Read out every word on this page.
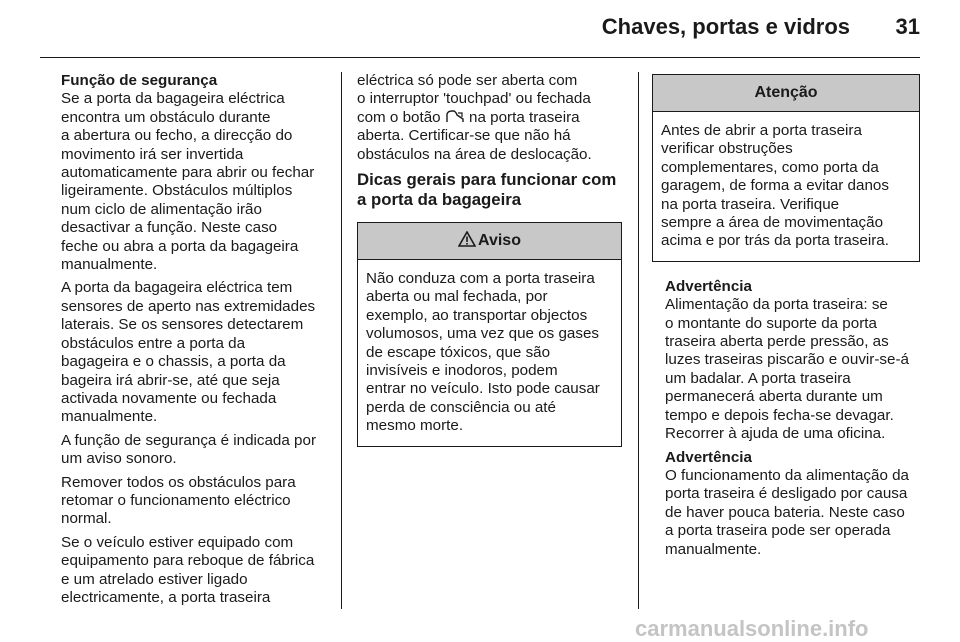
Chaves, portas e vidros	31
Função de segurança

Se a porta da bagageira eléctrica
encontra um obstáculo durante
a abertura ou fecho, a direcção do
movimento irá ser invertida
automaticamente para abrir ou fechar
ligeiramente. Obstáculos múltiplos
num ciclo de alimentação irão
desactivar a função. Neste caso
feche ou abra a porta da bagageira
manualmente.

A porta da bagageira eléctrica tem
sensores de aperto nas extremidades
laterais. Se os sensores detectarem
obstáculos entre a porta da
bagageira e o chassis, a porta da
bageira irá abrir-se, até que seja
activada novamente ou fechada
manualmente.

A função de segurança é indicada por
um aviso sonoro.

Remover todos os obstáculos para
retomar o funcionamento eléctrico
normal.

Se o veículo estiver equipado com
equipamento para reboque de fábrica
e um atrelado estiver ligado
electricamente, a porta traseira

eléctrica só pode ser aberta com
o interruptor 'touchpad' ou fechada
com o botão  na porta traseira
aberta. Certificar-se que não há
obstáculos na área de deslocação.

Dicas gerais para funcionar com
a porta da bagageira
Aviso
Não conduza com a porta traseira
aberta ou mal fechada, por
exemplo, ao transportar objectos
volumosos, uma vez que os gases
de escape tóxicos, que são
invisíveis e inodoros, podem
entrar no veículo. Isto pode causar
perda de consciência ou até
mesmo morte.
Atenção
Antes de abrir a porta traseira
verificar obstruções
complementares, como porta da
garagem, de forma a evitar danos
na porta traseira. Verifique
sempre a área de movimentação
acima e por trás da porta traseira.
Advertência

Alimentação da porta traseira: se
o montante do suporte da porta
traseira aberta perde pressão, as
luzes traseiras piscarão e ouvir-se-á
um badalar. A porta traseira
permanecerá aberta durante um
tempo e depois fecha-se devagar.
Recorrer à ajuda de uma oficina.

Advertência

O funcionamento da alimentação da
porta traseira é desligado por causa
de haver pouca bateria. Neste caso
a porta traseira pode ser operada
manualmente.

carmanualsonline.info
